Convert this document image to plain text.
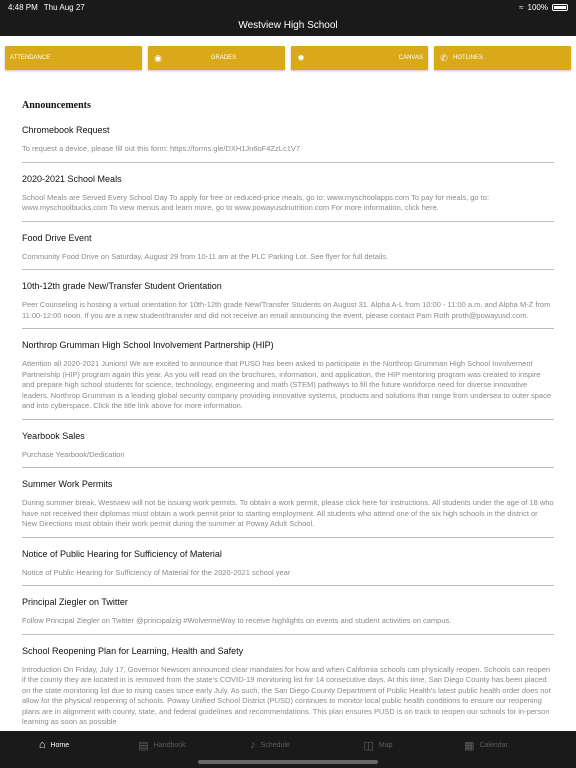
4:48 PM Thu Aug 27	≈ 100%
Westview High School
ATTENDANCE	◉	GRADES	✹	CANVAS ✆ HOTLINES
Announcements
Chromebook Request
To request a device, please fill out this form: https://forms.gle/DXH1Jn6oF4ZzLc1V7
2020-2021 School Meals
School Meals are Served Every School Day To apply for free or reduced-price meals, go to: www.myschoolapps.com To pay for meals, go to: www.myschoolbucks.com To view menus and learn more, go to www.powayusdnutrition.com For more information, click here.
Food Drive Event
Community Food Drive on Saturday, August 29 from 10-11 am at the PLC Parking Lot. See flyer for full details.
10th-12th grade New/Transfer Student Orientation
Peer Counseling is hosting a virtual orientation for 10th-12th grade New/Transfer Students on August 31. Alpha A-L from 10:00 - 11:00 a.m. and Alpha M-Z from 11:00-12:00 noon. If you are a new student/transfer and did not receive an email announcing the event, please contact Pam Roth proth@powayusd.com.
Northrop Grumman High School Involvement Partnership (HIP)
Attention all 2020-2021 Juniors! We are excited to announce that PUSD has been asked to participate in the Northrop Grumman High School Involvement Partnership (HIP) program again this year. As you will read on the brochures, information, and application, the HIP mentoring program was created to inspire and prepare high school students for science, technology, engineering and math (STEM) pathways to fill the future workforce need for diverse innovative leaders. Northrop Grumman is a leading global security company providing innovative systems, products and solutions that range from undersea to outer space and into cyberspace. Click the title link above for more information.
Yearbook Sales
Purchase Yearbook/Dedication
Summer Work Permits
During summer break, Westview will not be issuing work permits. To obtain a work permit, please click here for instructions. All students under the age of 18 who have not received their diplomas must obtain a work permit prior to starting employment. All students who attend one of the six high schools in the district or New Directions must obtain their work permit during the summer at Poway Adult School.
Notice of Public Hearing for Sufficiency of Material
Notice of Public Hearing for Sufficiency of Material for the 2020-2021 school year
Principal Ziegler on Twitter
Follow Principal Ziegler on Twitter @principalzig #WolverineWay to receive highlights on events and student activities on campus.
School Reopening Plan for Learning, Health and Safety
Introduction On Friday, July 17, Governor Newsom announced clear mandates for how and when California schools can physically reopen. Schools can reopen if the county they are located in is removed from the state's COVID-19 monitoring list for 14 consecutive days. At this time, San Diego County has been placed on the state monitoring list due to rising cases since early July. As such, the San Diego County Department of Public Health's latest public health order does not allow for the physical reopening of schools. Poway Unified School District (PUSD) continues to monitor local public health conditions to ensure our reopening plans are in alignment with county, state, and federal guidelines and recommendations. This plan ensures PUSD is on track to reopen our schools for in-person learning as soon as possible
⌂ Home	▤ Handbook	♪ Schedule	◫ Map	▦ Calendar
